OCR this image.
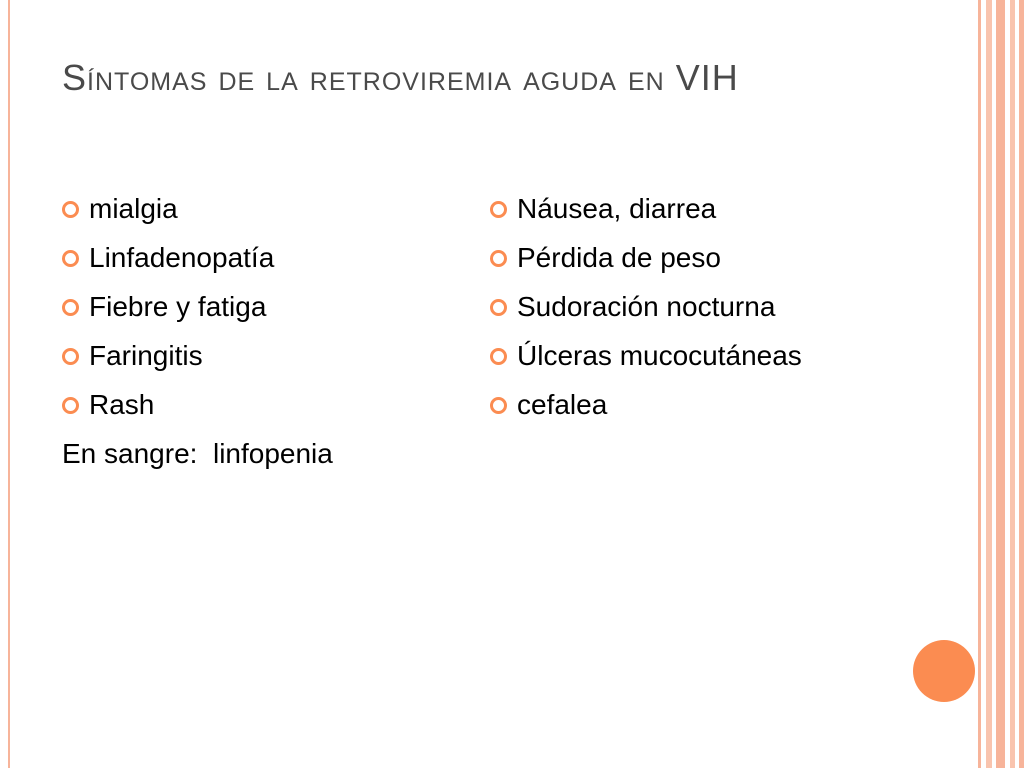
Síntomas de la retroviremia aguda en VIH
mialgia
Linfadenopatía
Fiebre y fatiga
Faringitis
Rash
En sangre:  linfopenia
Náusea, diarrea
Pérdida de peso
Sudoración nocturna
Úlceras mucocutáneas
cefalea
